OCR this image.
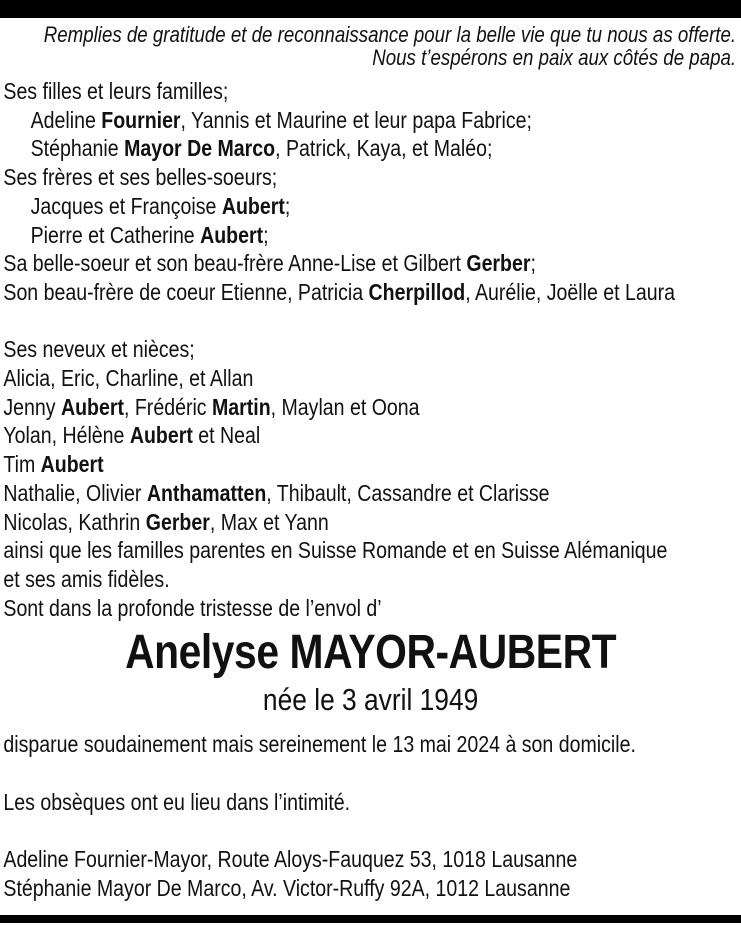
Remplies de gratitude et de reconnaissance pour la belle vie que tu nous as offerte.
Nous t’espérons en paix aux côtés de papa.
Ses filles et leurs familles;
Adeline Fournier, Yannis et Maurine et leur papa Fabrice;
Stéphanie Mayor De Marco, Patrick, Kaya, et Maléo;
Ses frères et ses belles-soeurs;
Jacques et Françoise Aubert;
Pierre et Catherine Aubert;
Sa belle-soeur et son beau-frère Anne-Lise et Gilbert Gerber;
Son beau-frère de coeur Etienne, Patricia Cherpillod, Aurélie, Joëlle et Laura
Ses neveux et nièces;
Alicia, Eric, Charline, et Allan
Jenny Aubert, Frédéric Martin, Maylan et Oona
Yolan, Hélène Aubert et Neal
Tim Aubert
Nathalie, Olivier Anthamatten, Thibault, Cassandre et Clarisse
Nicolas, Kathrin Gerber, Max et Yann
ainsi que les familles parentes en Suisse Romande et en Suisse Alémanique
et ses amis fidèles.
Sont dans la profonde tristesse de l’envol d’
Anelyse MAYOR-AUBERT
née le 3 avril 1949
disparue soudainement mais sereinement le 13 mai 2024 à son domicile.
Les obsèques ont eu lieu dans l’intimité.
Adeline Fournier-Mayor, Route Aloys-Fauquez 53, 1018 Lausanne
Stéphanie Mayor De Marco, Av. Victor-Ruffy 92A, 1012 Lausanne
